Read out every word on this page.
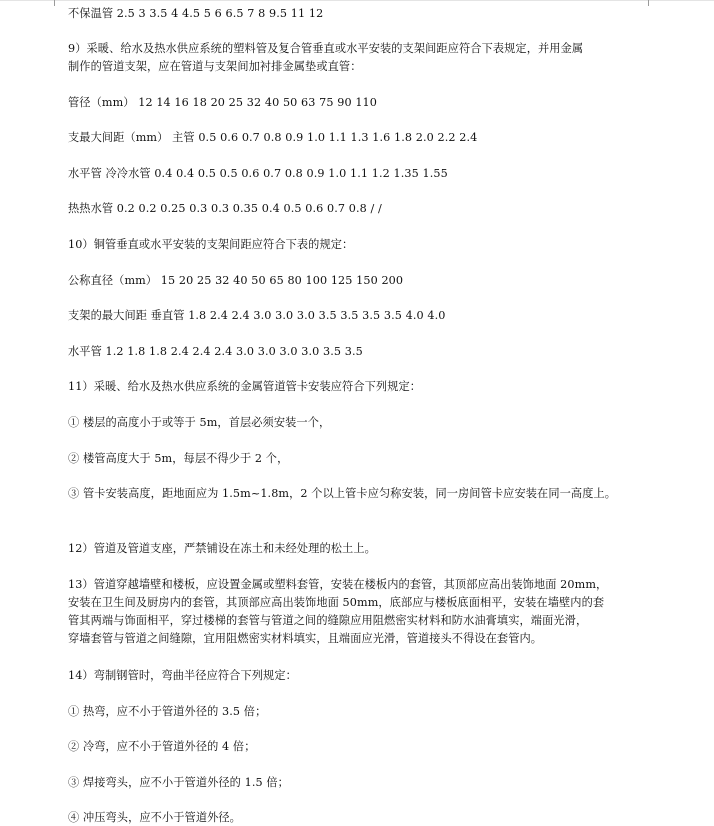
不保温管 2.5 3 3.5 4 4.5 5 6 6.5 7 8 9.5 11 12
9）采暖、给水及热水供应系统的塑料管及复合管垂直或水平安装的支架间距应符合下表规定，并用金属
制作的管道支架，应在管道与支架间加衬排金属垫或直管：
管径（mm） 12 14 16 18 20 25 32 40 50 63 75 90 110
支最大间距（mm） 主管 0.5 0.6 0.7 0.8 0.9 1.0 1.1 1.3 1.6 1.8 2.0 2.2 2.4
水平管 冷冷水管 0.4 0.4 0.5 0.5 0.6 0.7 0.8 0.9 1.0 1.1 1.2 1.35 1.55
热热水管 0.2 0.2 0.25 0.3 0.3 0.35 0.4 0.5 0.6 0.7 0.8 / /
10）铜管垂直或水平安装的支架间距应符合下表的规定：
公称直径（mm） 15 20 25 32 40 50 65 80 100 125 150 200
支架的最大间距 垂直管 1.8 2.4 2.4 3.0 3.0 3.0 3.5 3.5 3.5 3.5 4.0 4.0
水平管 1.2 1.8 1.8 2.4 2.4 2.4 3.0 3.0 3.0 3.0 3.5 3.5
11）采暖、给水及热水供应系统的金属管道管卡安装应符合下列规定：
① 楼层的高度小于或等于 5m，首层必须安装一个，
② 楼管高度大于 5m，每层不得少于 2 个，
③ 管卡安装高度，距地面应为 1.5m~1.8m，2 个以上管卡应匀称安装，同一房间管卡应安装在同一高度上。
12）管道及管道支座，严禁铺设在冻土和未经处理的松土上。
13）管道穿越墙壁和楼板，应设置金属或塑料套管，安装在楼板内的套管，其顶部应高出装饰地面 20mm，
安装在卫生间及厨房内的套管，其顶部应高出装饰地面 50mm，底部应与楼板底面相平，安装在墙壁内的套
管其两端与饰面相平，穿过楼梯的套管与管道之间的缝隙应用阻燃密实材料和防水油膏填实，端面光滑，
穿墙套管与管道之间缝隙，宜用阻燃密实材料填实，且端面应光滑，管道接头不得设在套管内。
14）弯制钢管时，弯曲半径应符合下列规定：
① 热弯，应不小于管道外径的 3.5 倍；
② 冷弯，应不小于管道外径的 4 倍；
③ 焊接弯头，应不小于管道外径的 1.5 倍；
④ 冲压弯头，应不小于管道外径。
